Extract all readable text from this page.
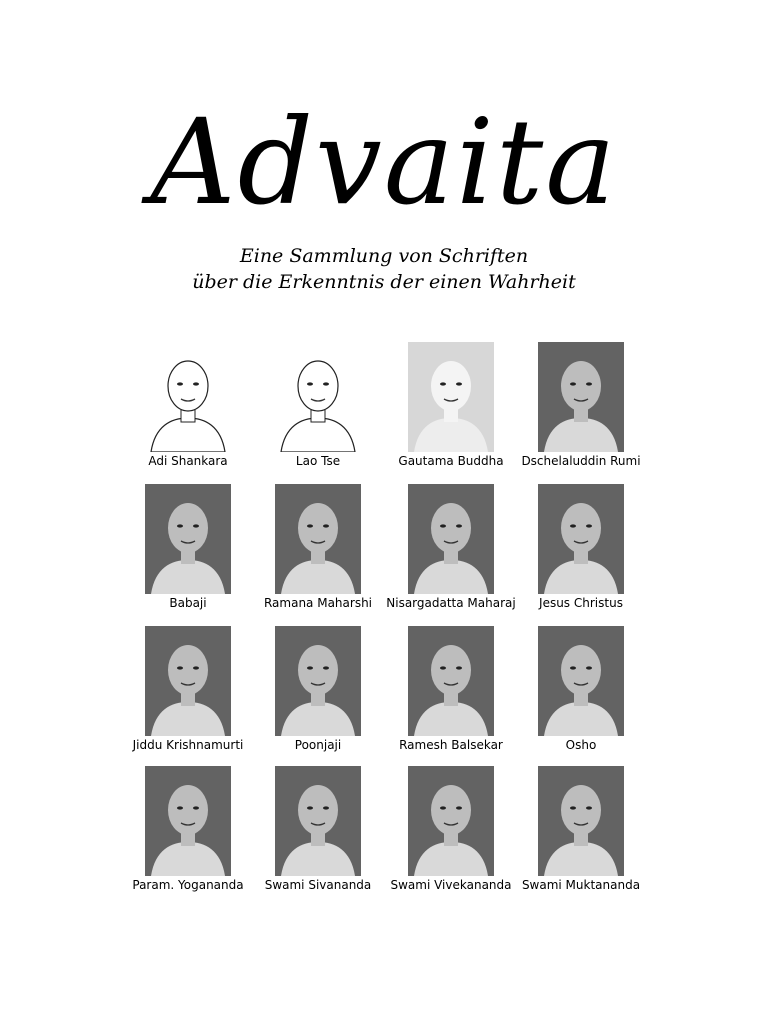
Advaita
Eine Sammlung von Schriften
über die Erkenntnis der einen Wahrheit
Adi Shankara	Lao Tse	Gautama Buddha	Dschelaluddin Rumi
Babaji	Ramana Maharshi	Nisargadatta Maharaj	Jesus Christus
Jiddu Krishnamurti	Poonjaji	Ramesh Balsekar	Osho
Param. Yogananda	Swami Sivananda	Swami Vivekananda Swami Muktananda
